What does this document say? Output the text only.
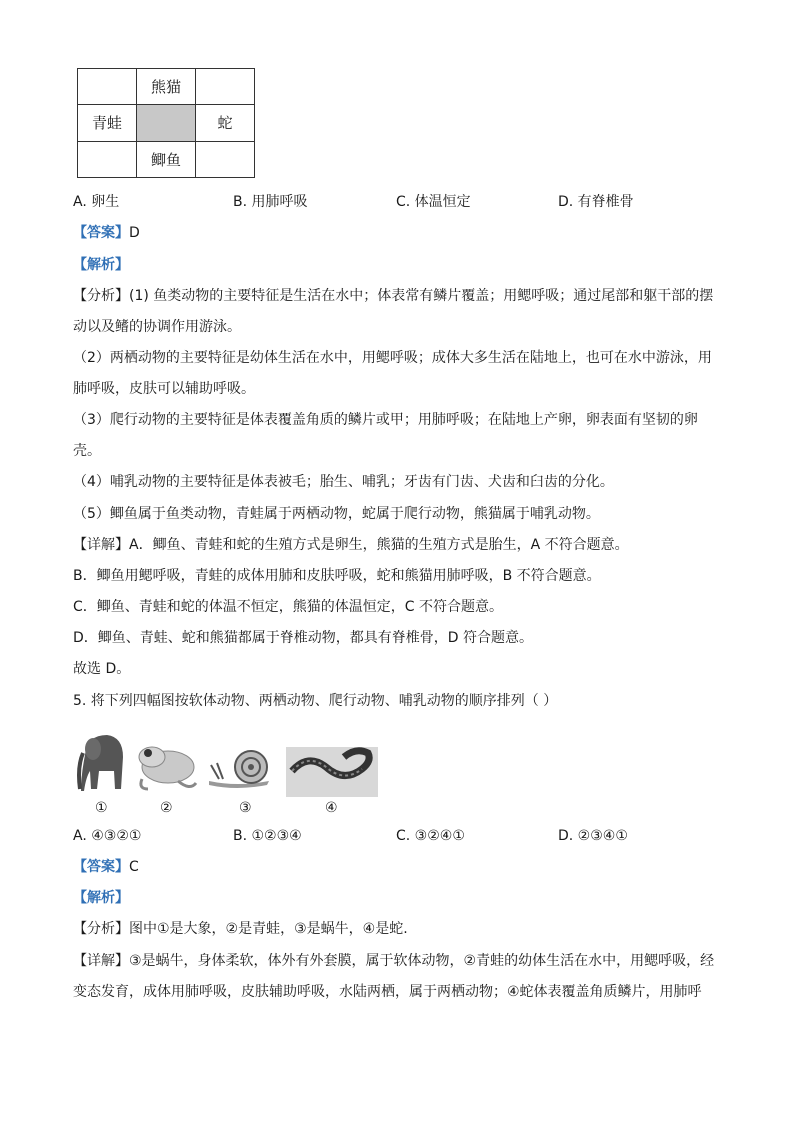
	熊猫	
青蛙		蛇
	鲫鱼	
A. 卵生	B. 用肺呼吸	C. 体温恒定	D. 有脊椎骨
【答案】D
【解析】
【分析】(1) 鱼类动物的主要特征是生活在水中；体表常有鳞片覆盖；用鳃呼吸；通过尾部和躯干部的摆
动以及鳍的协调作用游泳。
（2）两栖动物的主要特征是幼体生活在水中，用鳃呼吸；成体大多生活在陆地上，也可在水中游泳，用
肺呼吸，皮肤可以辅助呼吸。
（3）爬行动物的主要特征是体表覆盖角质的鳞片或甲；用肺呼吸；在陆地上产卵，卵表面有坚韧的卵
壳。
（4）哺乳动物的主要特征是体表被毛；胎生、哺乳；牙齿有门齿、犬齿和臼齿的分化。
（5）鲫鱼属于鱼类动物，青蛙属于两栖动物，蛇属于爬行动物，熊猫属于哺乳动物。
【详解】A．鲫鱼、青蛙和蛇的生殖方式是卵生，熊猫的生殖方式是胎生，A 不符合题意。
B．鲫鱼用鳃呼吸，青蛙的成体用肺和皮肤呼吸，蛇和熊猫用肺呼吸，B 不符合题意。
C．鲫鱼、青蛙和蛇的体温不恒定，熊猫的体温恒定，C 不符合题意。
D．鲫鱼、青蛙、蛇和熊猫都属于脊椎动物，都具有脊椎骨，D 符合题意。
故选 D。
5. 将下列四幅图按软体动物、两栖动物、爬行动物、哺乳动物的顺序排列（ ）
①	②	③	④
A. ④③②①	B. ①②③④	C. ③②④①	D. ②③④①
【答案】C
【解析】
【分析】图中①是大象，②是青蛙，③是蜗牛，④是蛇.
【详解】③是蜗牛，身体柔软，体外有外套膜，属于软体动物，②青蛙的幼体生活在水中，用鳃呼吸，经
变态发育，成体用肺呼吸，皮肤辅助呼吸，水陆两栖，属于两栖动物；④蛇体表覆盖角质鳞片，用肺呼
